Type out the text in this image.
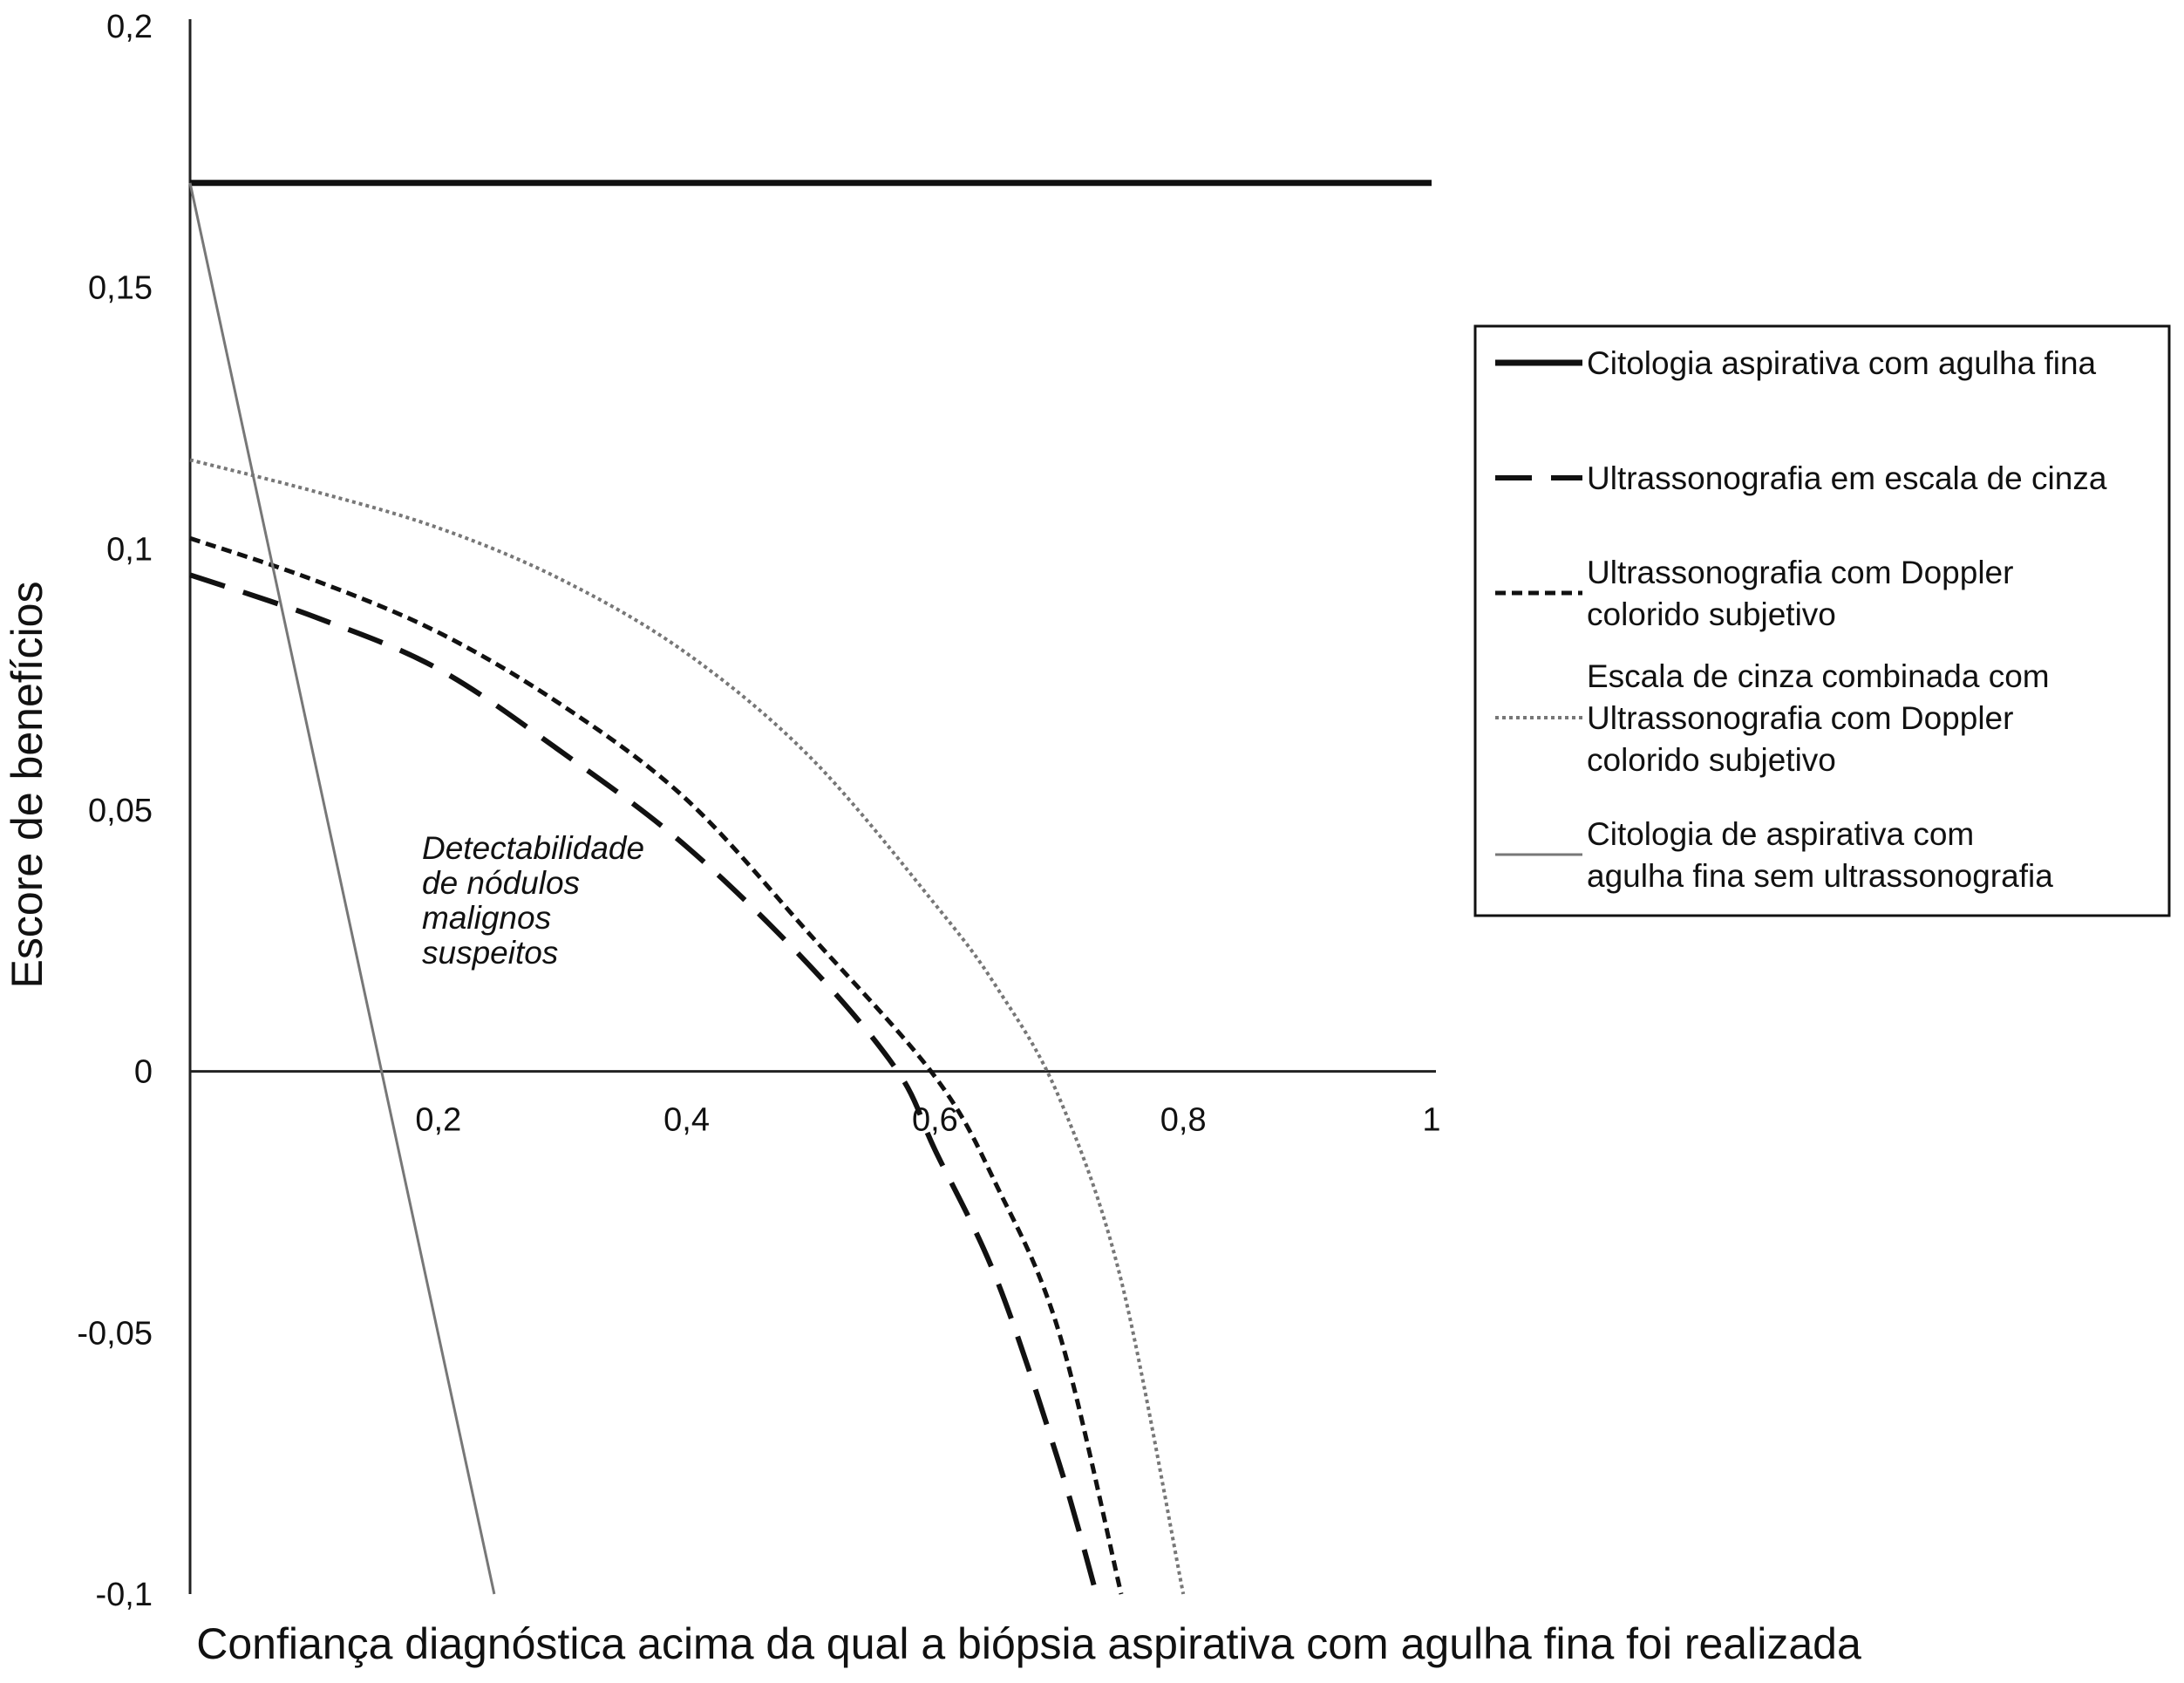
0,2
0,15
0,1
0,05
0
-0,05
-0,1
0,2	0,4	0,6	0,8	1
Confiança diagnóstica acima da qual a biópsia aspirativa com agulha fina foi realizada
Escore de benefícios	Detectabilidade
de nódulos
malignos
suspeitos
Citologia aspirativa com agulha fina
Ultrassonografia em escala de cinza
Ultrassonografia com Doppler
colorido subjetivo
Escala de cinza combinada com
Ultrassonografia com Doppler
colorido subjetivo
Citologia de aspirativa com
agulha fina sem ultrassonografia
